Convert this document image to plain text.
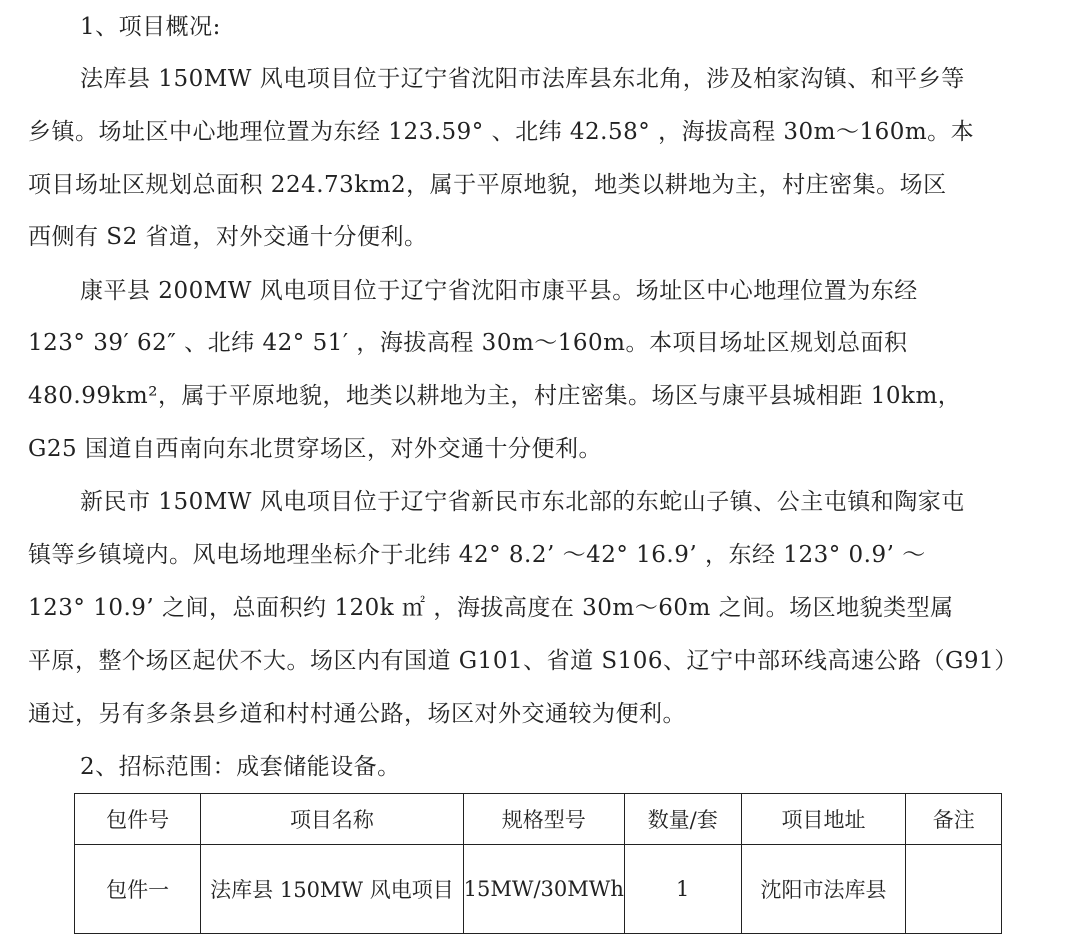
1、项目概况:
法库县 150MW 风电项目位于辽宁省沈阳市法库县东北角，涉及柏家沟镇、和平乡等
乡镇。场址区中心地理位置为东经 123.59° 、北纬 42.58° ，海拔高程 30m～160m。本
项目场址区规划总面积 224.73km2，属于平原地貌，地类以耕地为主，村庄密集。场区
西侧有 S2 省道，对外交通十分便利。
康平县 200MW 风电项目位于辽宁省沈阳市康平县。场址区中心地理位置为东经
123° 39′ 62″ 、北纬 42° 51′ ，海拔高程 30m～160m。本项目场址区规划总面积
480.99km²，属于平原地貌，地类以耕地为主，村庄密集。场区与康平县城相距 10km，
G25 国道自西南向东北贯穿场区，对外交通十分便利。
新民市 150MW 风电项目位于辽宁省新民市东北部的东蛇山子镇、公主屯镇和陶家屯
镇等乡镇境内。风电场地理坐标介于北纬 42° 8.2’ ～42° 16.9’ ，东经 123° 0.9’ ～
123° 10.9’ 之间，总面积约 120k ㎡ ，海拔高度在 30m～60m 之间。场区地貌类型属
平原，整个场区起伏不大。场区内有国道 G101、省道 S106、辽宁中部环线高速公路（G91）
通过，另有多条县乡道和村村通公路，场区对外交通较为便利。
2、招标范围：成套储能设备。
包件号	项目名称	规格型号	数量/套	项目地址	备注
包件一	法库县 150MW 风电项目	15MW/30MWh	1	沈阳市法库县	
